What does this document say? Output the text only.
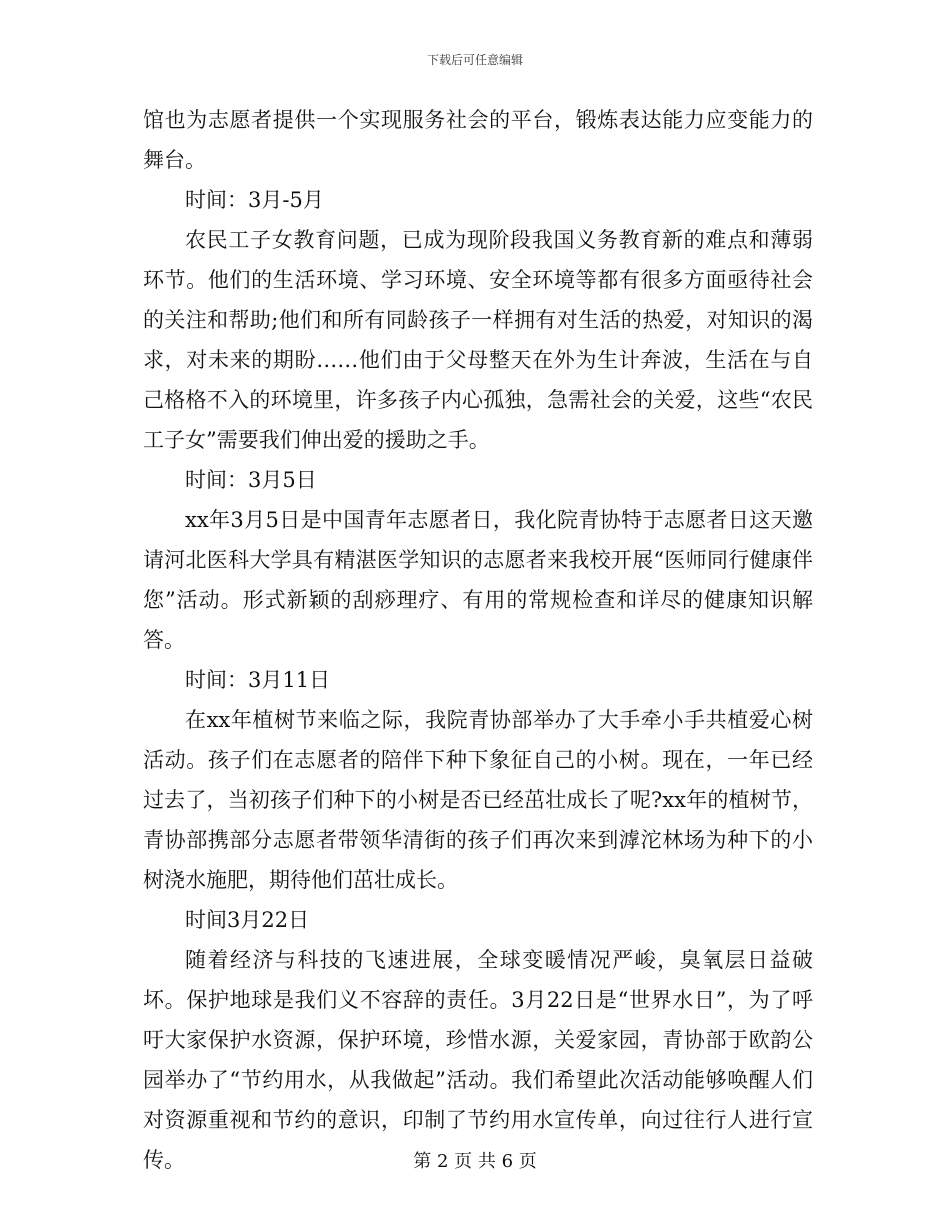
下载后可任意编辑

馆也为志愿者提供一个实现服务社会的平台，锻炼表达能力应变能力的舞台。

时间：3月-5月

农民工子女教育问题，已成为现阶段我国义务教育新的难点和薄弱环节。他们的生活环境、学习环境、安全环境等都有很多方面亟待社会的关注和帮助;他们和所有同龄孩子一样拥有对生活的热爱，对知识的渴求，对未来的期盼……他们由于父母整天在外为生计奔波，生活在与自己格格不入的环境里，许多孩子内心孤独，急需社会的关爱，这些“农民工子女”需要我们伸出爱的援助之手。

时间：3月5日

xx年3月5日是中国青年志愿者日，我化院青协特于志愿者日这天邀请河北医科大学具有精湛医学知识的志愿者来我校开展“医师同行健康伴您”活动。形式新颖的刮痧理疗、有用的常规检查和详尽的健康知识解答。

时间：3月11日

在xx年植树节来临之际，我院青协部举办了大手牵小手共植爱心树活动。孩子们在志愿者的陪伴下种下象征自己的小树。现在，一年已经过去了，当初孩子们种下的小树是否已经茁壮成长了呢?xx年的植树节，青协部携部分志愿者带领华清街的孩子们再次来到滹沱林场为种下的小树浇水施肥，期待他们茁壮成长。

时间3月22日

随着经济与科技的飞速进展，全球变暖情况严峻，臭氧层日益破坏。保护地球是我们义不容辞的责任。3月22日是“世界水日”，为了呼吁大家保护水资源，保护环境，珍惜水源，关爱家园，青协部于欧韵公园举办了“节约用水，从我做起”活动。我们希望此次活动能够唤醒人们对资源重视和节约的意识，印制了节约用水宣传单，向过往行人进行宣传。	第 2 页 共 6 页
